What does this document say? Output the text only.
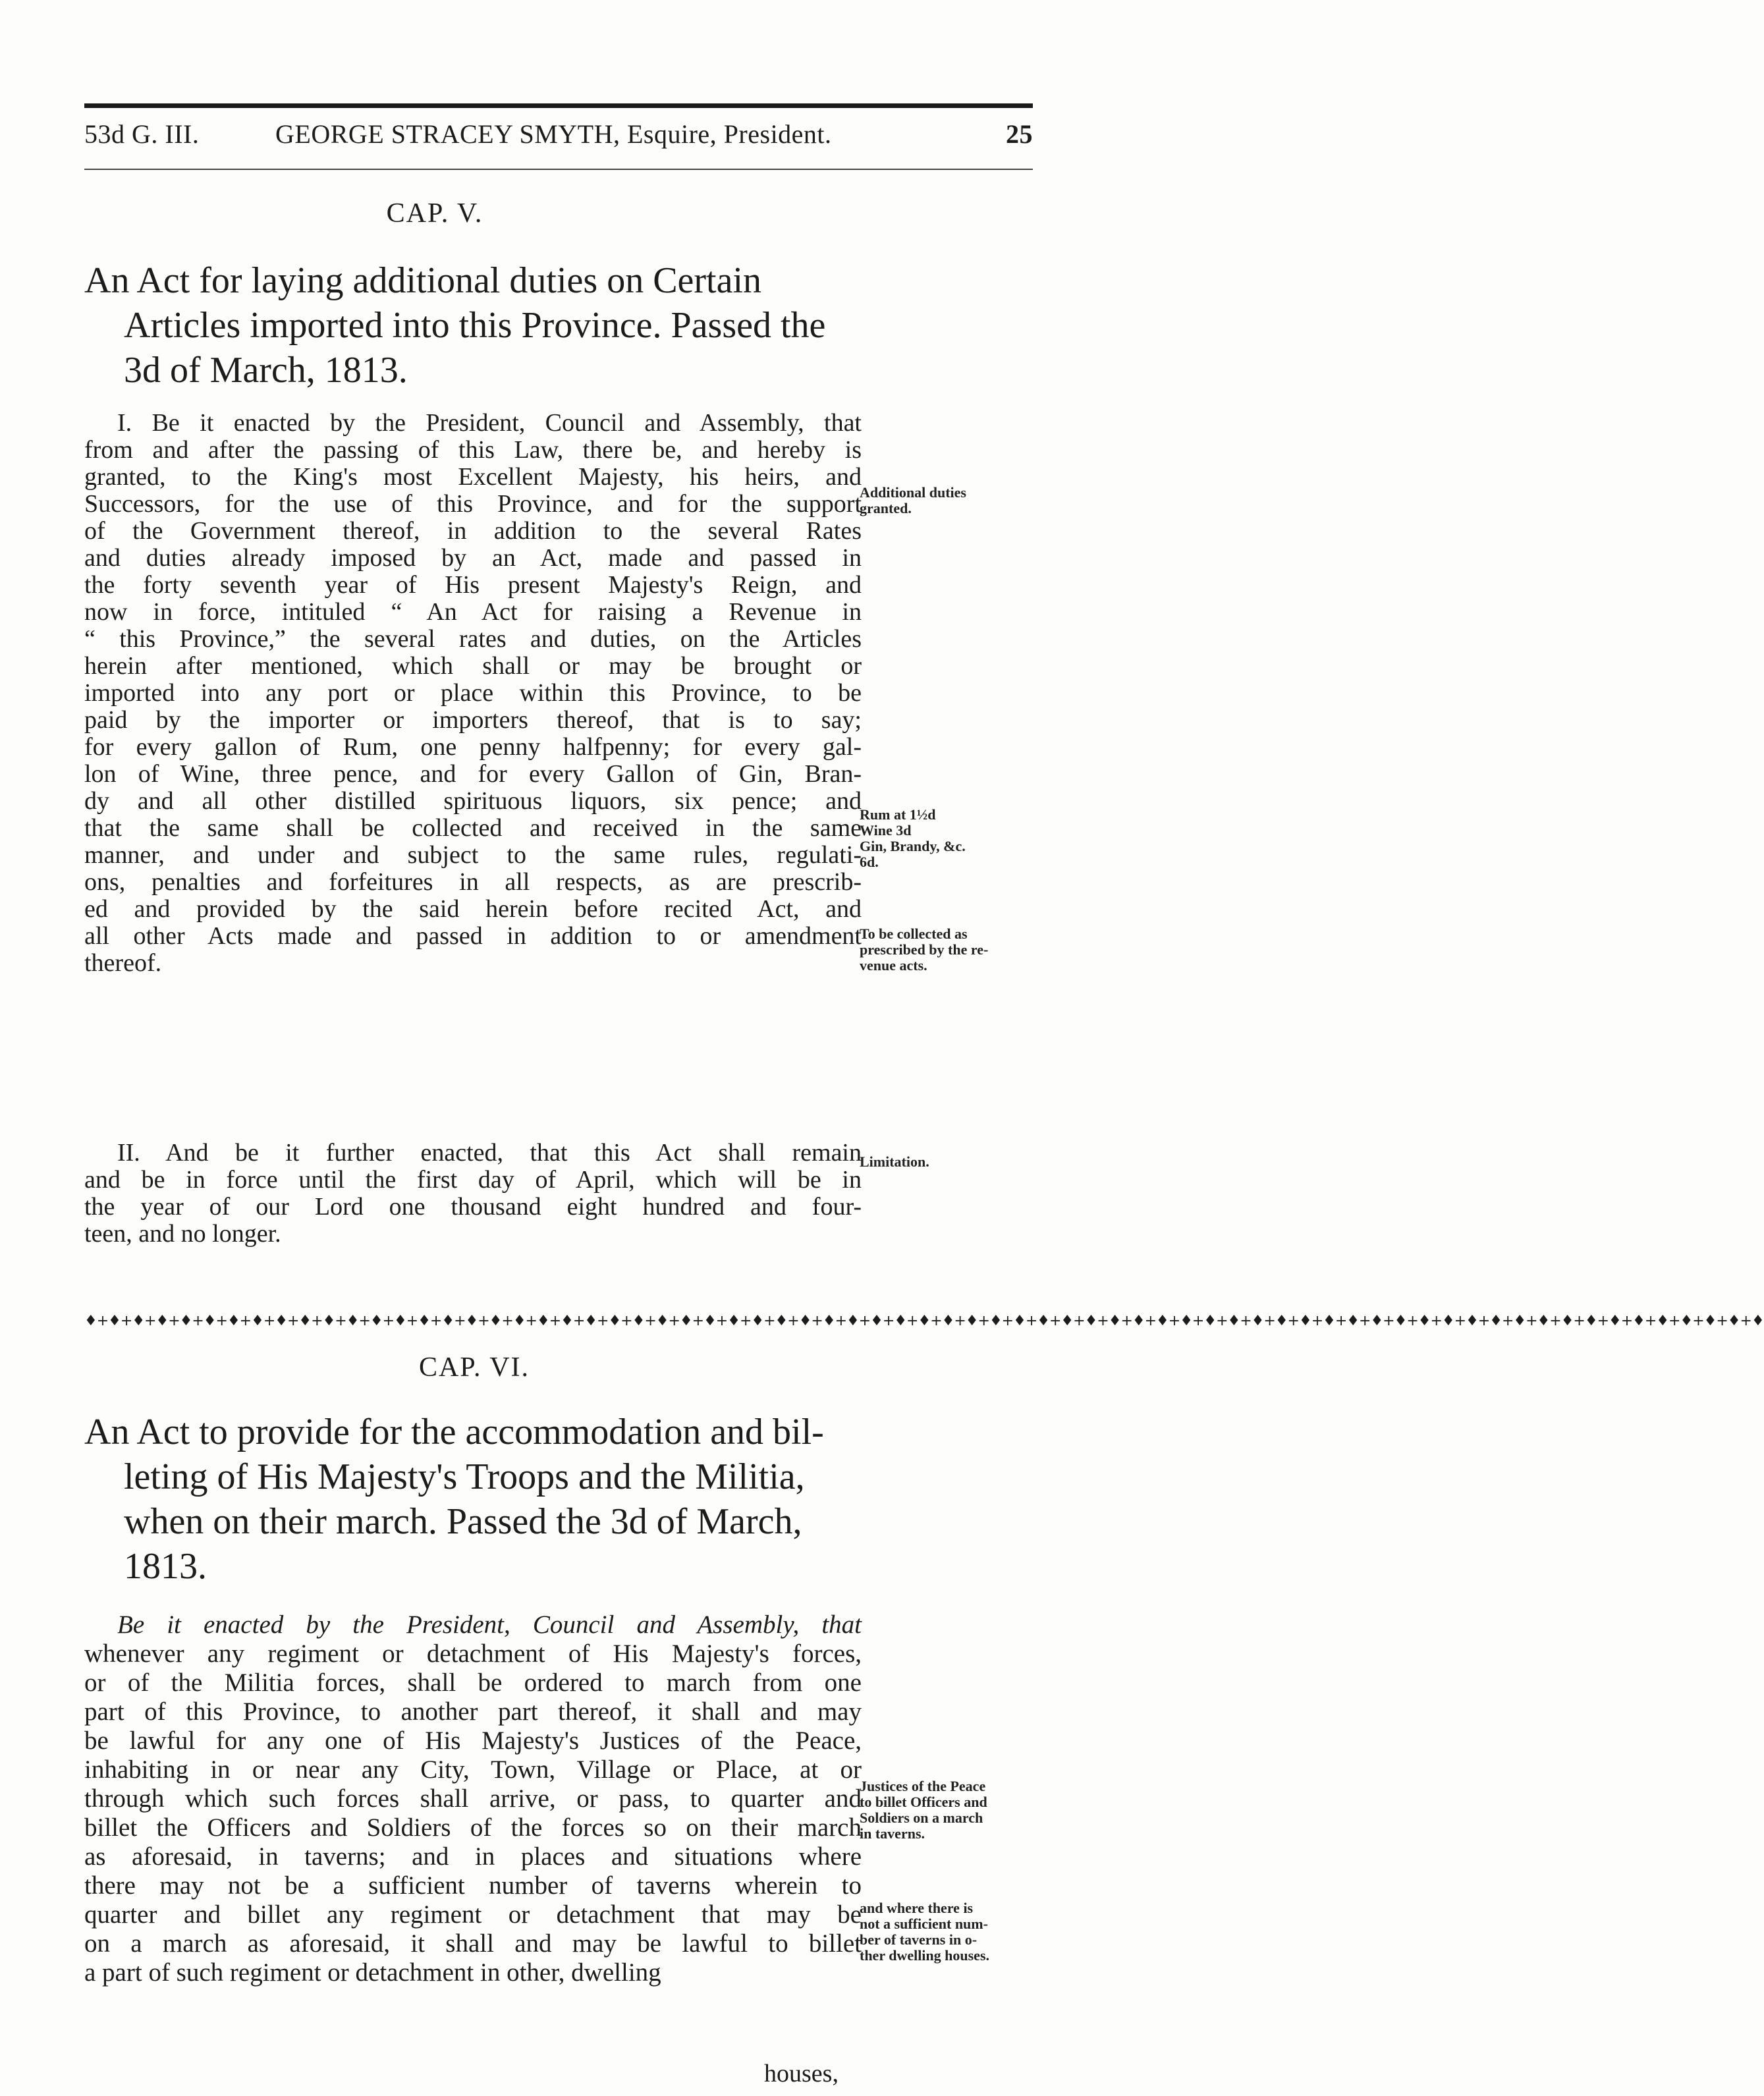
53d G. III.	GEORGE STRACEY SMYTH, Esquire, President.	25
CAP. V.
An Act for laying additional duties on Certain
Articles imported into this Province. Passed the
3d of March, 1813.
I. Be it enacted by the President, Council and Assembly, that
from and after the passing of this Law, there be, and hereby is
granted, to the King's most Excellent Majesty, his heirs, and
Successors, for the use of this Province, and for the support
of the Government thereof, in addition to the several Rates
and duties already imposed by an Act, made and passed in
the forty seventh year of His present Majesty's Reign, and
now in force, intituled “ An Act for raising a Revenue in
“ this Province,” the several rates and duties, on the Articles
herein after mentioned, which shall or may be brought or
imported into any port or place within this Province, to be
paid by the importer or importers thereof, that is to say;
for every gallon of Rum, one penny halfpenny; for every gal-
lon of Wine, three pence, and for every Gallon of Gin, Bran-
dy and all other distilled spirituous liquors, six pence; and
that the same shall be collected and received in the same
manner, and under and subject to the same rules, regulati-
ons, penalties and forfeitures in all respects, as are prescrib-
ed and provided by the said herein before recited Act, and
all other Acts made and passed in addition to or amendment
thereof.
Additional duties
granted.
Rum at 1½d
Wine 3d
Gin, Brandy, &c.
6d.
To be collected as
prescribed by the re-
venue acts.
II. And be it further enacted, that this Act shall remain
and be in force until the first day of April, which will be in
the year of our Lord one thousand eight hundred and four-
teen, and no longer.
Limitation.
♦+♦+♦+♦+♦+♦+♦+♦+♦+♦+♦+♦+♦+♦+♦+♦+♦+♦+♦+♦+♦+♦+♦+♦+♦+♦+♦+♦+♦+♦+♦+♦+♦+♦+♦+♦+♦+♦+♦+♦+♦+♦+♦+♦+♦+♦+♦+♦+♦+♦+♦+♦+♦+♦+♦+♦+♦+♦+♦+♦+♦+♦+♦+♦+♦+♦+♦+♦+♦+♦+♦
CAP. VI.
An Act to provide for the accommodation and bil-
leting of His Majesty's Troops and the Militia,
when on their march. Passed the 3d of March,
1813.
Be it enacted by the President, Council and Assembly, that
whenever any regiment or detachment of His Majesty's forces,
or of the Militia forces, shall be ordered to march from one
part of this Province, to another part thereof, it shall and may
be lawful for any one of His Majesty's Justices of the Peace,
inhabiting in or near any City, Town, Village or Place, at or
through which such forces shall arrive, or pass, to quarter and
billet the Officers and Soldiers of the forces so on their march
as aforesaid, in taverns; and in places and situations where
there may not be a sufficient number of taverns wherein to
quarter and billet any regiment or detachment that may be
on a march as aforesaid, it shall and may be lawful to billet
a part of such regiment or detachment in other, dwelling
Justices of the Peace
to billet Officers and
Soldiers on a march
in taverns.
and where there is
not a sufficient num-
ber of taverns in o-
ther dwelling houses.
houses,
